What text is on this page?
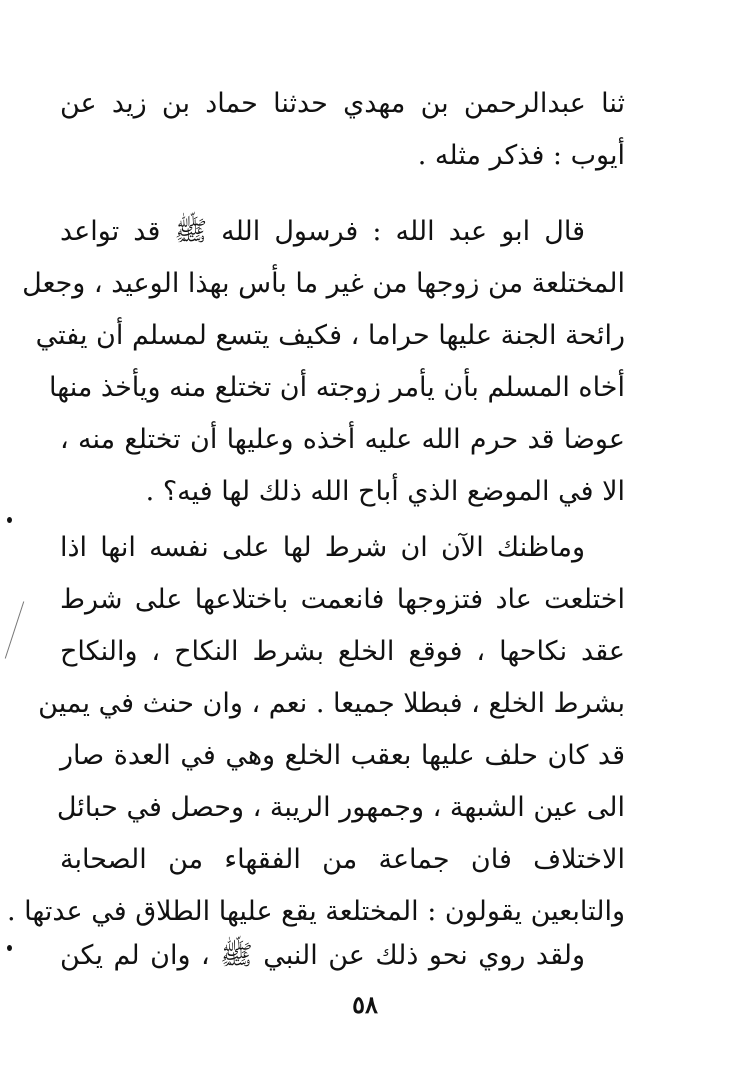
ثنا عبدالرحمن بن مهدي حدثنا حماد بن زيد عن
أيوب : فذكر مثله .
قال ابو عبد الله : فرسول الله ﷺ قد تواعد
المختلعة من زوجها من غير ما بأس بهذا الوعيد ، وجعل
رائحة الجنة عليها حراما ، فكيف يتسع لمسلم أن يفتي
أخاه المسلم بأن يأمر زوجته أن تختلع منه ويأخذ منها
عوضا قد حرم الله عليه أخذه وعليها أن تختلع منه ،
الا في الموضع الذي أباح الله ذلك لها فيه؟ .
وماظنك الآن ان شرط لها على نفسه انها اذا
اختلعت عاد فتزوجها فانعمت باختلاعها على شرط
عقد نكاحها ، فوقع الخلع بشرط النكاح ، والنكاح
بشرط الخلع ، فبطلا جميعا . نعم ، وان حنث في يمين
قد كان حلف عليها بعقب الخلع وهي في العدة صار
الى عين الشبهة ، وجمهور الريبة ، وحصل في حبائل
الاختلاف فان جماعة من الفقهاء من الصحابة
والتابعين يقولون : المختلعة يقع عليها الطلاق في عدتها .
ولقد روي نحو ذلك عن النبي ﷺ ، وان لم يكن
٥٨
